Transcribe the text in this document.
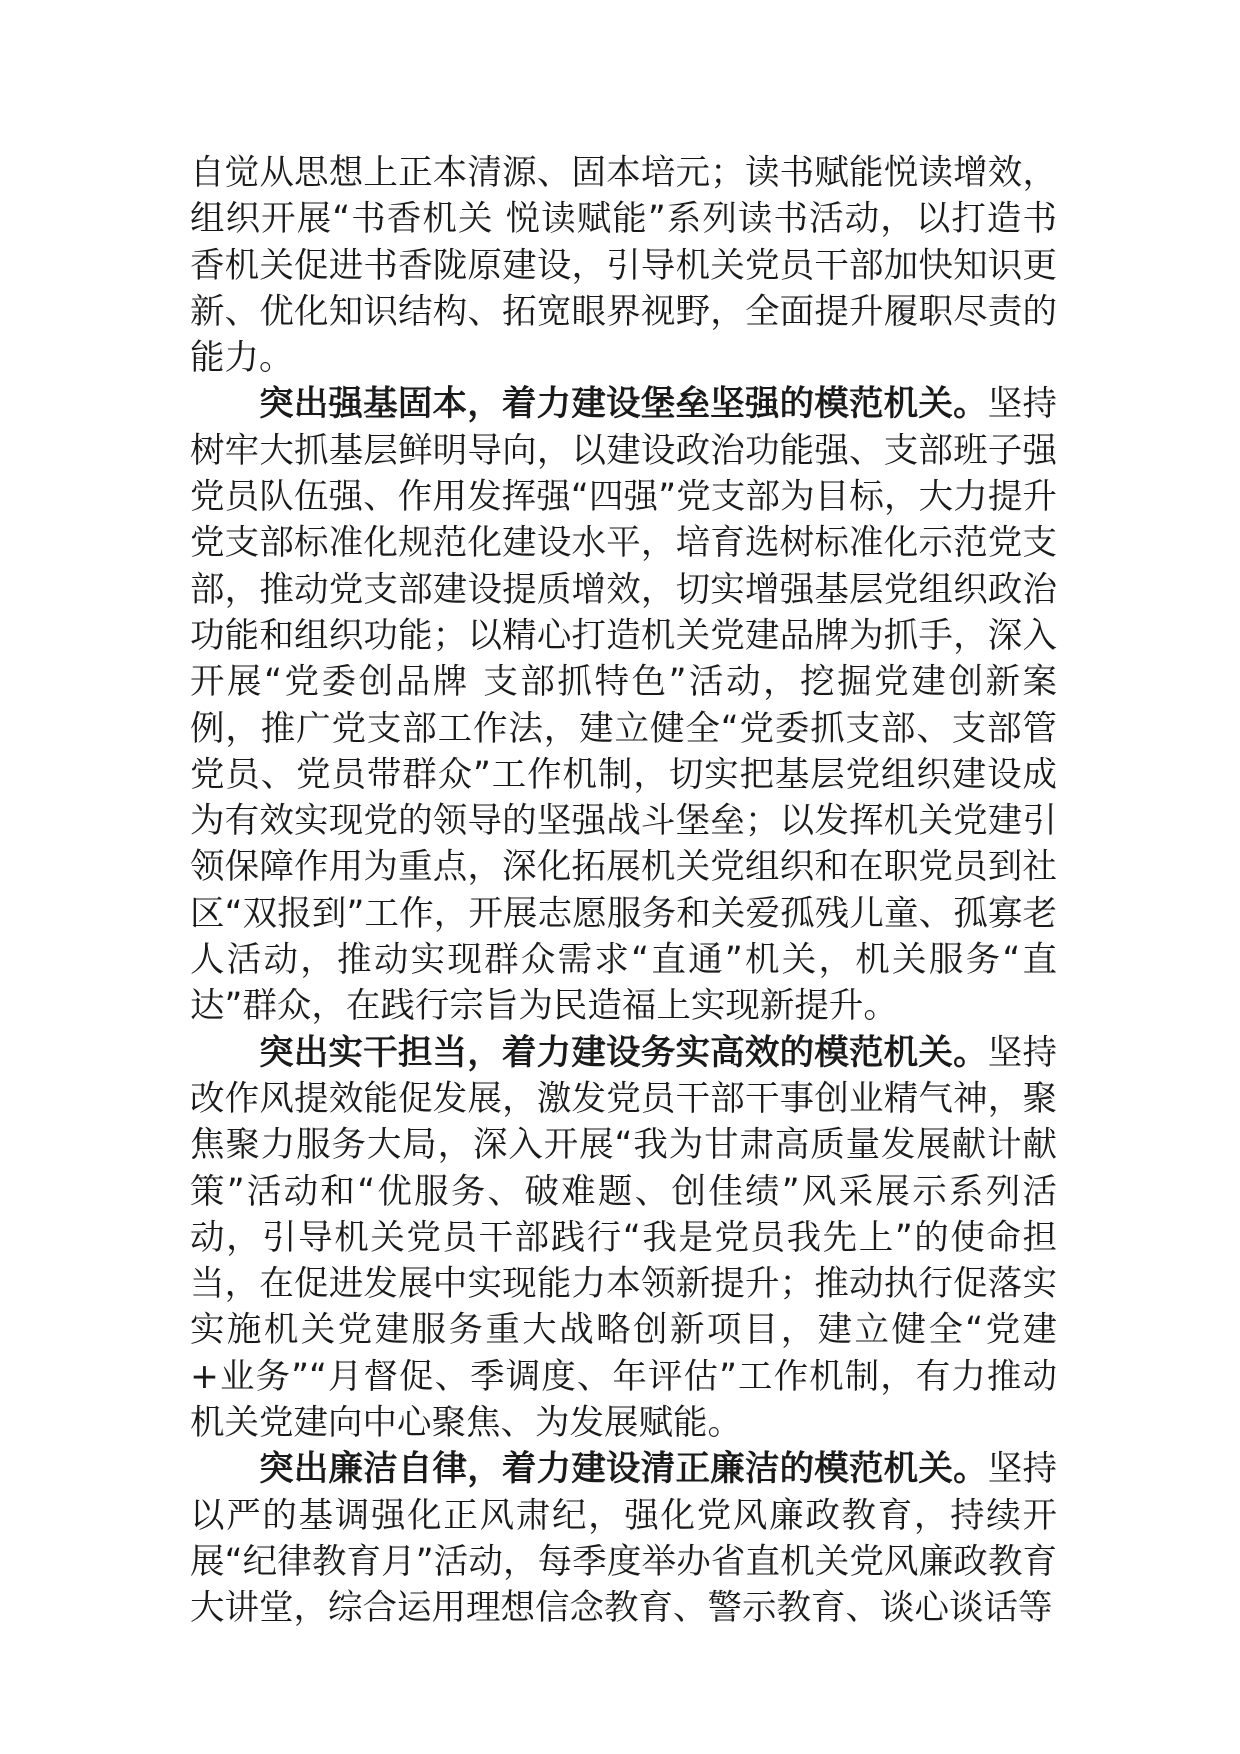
自觉从思想上正本清源、固本培元；读书赋能悦读增效，组织开展“书香机关 悦读赋能”系列读书活动，以打造书香机关促进书香陇原建设，引导机关党员干部加快知识更新、优化知识结构、拓宽眼界视野，全面提升履职尽责的能力。

突出强基固本，着力建设堡垒坚强的模范机关。坚持树牢大抓基层鲜明导向，以建设政治功能强、支部班子强党员队伍强、作用发挥强“四强”党支部为目标，大力提升党支部标准化规范化建设水平，培育选树标准化示范党支部，推动党支部建设提质增效，切实增强基层党组织政治功能和组织功能；以精心打造机关党建品牌为抓手，深入开展“党委创品牌 支部抓特色”活动，挖掘党建创新案例，推广党支部工作法，建立健全“党委抓支部、支部管党员、党员带群众”工作机制，切实把基层党组织建设成为有效实现党的领导的坚强战斗堡垒；以发挥机关党建引领保障作用为重点，深化拓展机关党组织和在职党员到社区“双报到”工作，开展志愿服务和关爱孤残儿童、孤寡老人活动，推动实现群众需求“直通”机关，机关服务“直达”群众，在践行宗旨为民造福上实现新提升。

突出实干担当，着力建设务实高效的模范机关。坚持改作风提效能促发展，激发党员干部干事创业精气神，聚焦聚力服务大局，深入开展“我为甘肃高质量发展献计献策”活动和“优服务、破难题、创佳绩”风采展示系列活动，引导机关党员干部践行“我是党员我先上”的使命担当，在促进发展中实现能力本领新提升；推动执行促落实实施机关党建服务重大战略创新项目，建立健全“党建+业务”“月督促、季调度、年评估”工作机制，有力推动机关党建向中心聚焦、为发展赋能。

突出廉洁自律，着力建设清正廉洁的模范机关。坚持以严的基调强化正风肃纪，强化党风廉政教育，持续开展“纪律教育月”活动，每季度举办省直机关党风廉政教育大讲堂，综合运用理想信念教育、警示教育、谈心谈话等
